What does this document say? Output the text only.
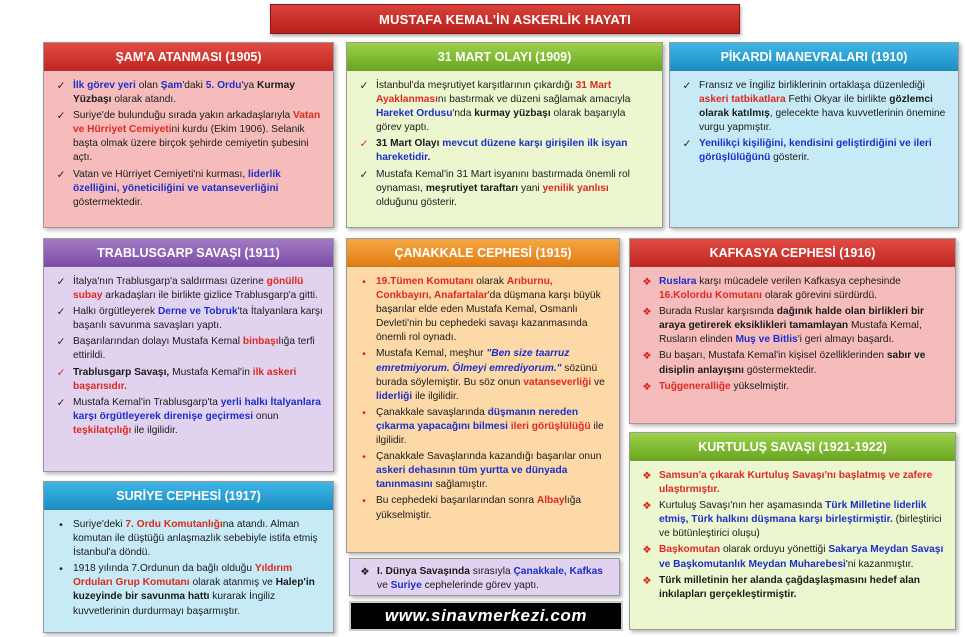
MUSTAFA KEMAL'İN ASKERLİK HAYATI
ŞAM'A ATANMASI (1905)
✓ İlk görev yeri olan Şam'daki 5. Ordu'ya Kurmay Yüzbaşı olarak atandı.
✓ Suriye'de bulunduğu sırada yakın arkadaşlarıyla Vatan ve Hürriyet Cemiyetini kurdu (Ekim 1906). Selanik başta olmak üzere birçok şehirde cemiyetin şubesini açtı.
✓ Vatan ve Hürriyet Cemiyeti'ni kurması, liderlik özelliğini, yöneticiliğini ve vatanseverliğini göstermektedir.
31 MART OLAYI (1909)
✓ İstanbul'da meşrutiyet karşıtlarının çıkardığı 31 Mart Ayaklanmasını bastırmak ve düzeni sağlamak amacıyla Hareket Ordusu'nda kurmay yüzbaşı olarak başarıyla görev yaptı.
✓ 31 Mart Olayı mevcut düzene karşı girişilen ilk isyan hareketidir.
✓ Mustafa Kemal'in 31 Mart isyanını bastırmada önemli rol oynaması, meşrutiyet taraftarı yani yenilik yanlısı olduğunu gösterir.
PİKARDİ MANEVRALARI (1910)
✓ Fransız ve İngiliz birliklerinin ortaklaşa düzenlediği askeri tatbikatlara Fethi Okyar ile birlikte gözlemci olarak katılmış, gelecekte hava kuvvetlerinin önemine vurgu yapmıştır.
✓ Yenilikçi kişiliğini, kendisini geliştirdiğini ve ileri görüşlülüğünü gösterir.
TRABLUSGARP SAVAŞI (1911)
✓ İtalya'nın Trablusgarp'a saldırması üzerine gönüllü subay arkadaşları ile birlikte gizlice Trablusgarp'a gitti.
✓ Halkı örgütleyerek Derne ve Tobruk'ta İtalyanlara karşı başarılı savunma savaşları yaptı.
✓ Başarılarından dolayı Mustafa Kemal binbaşılığa terfi ettirildi.
✓ Trablusgarp Savaşı, Mustafa Kemal'in ilk askeri başarısıdır.
✓ Mustafa Kemal'in Trablusgarp'ta yerli halkı İtalyanlara karşı örgütleyerek direnişe geçirmesi onun teşkilatçılığı ile ilgilidir.
ÇANAKKALE CEPHESİ (1915)
• 19.Tümen Komutanı olarak Arıburnu, Conkbayırı, Anafartalar'da düşmana karşı büyük başarılar elde eden Mustafa Kemal, Osmanlı Devleti'nin bu cephedeki savaşı kazanmasında önemli rol oynadı.
• Mustafa Kemal, meşhur "Ben size taarruz emretmiyorum. Ölmeyi emrediyorum." sözünü burada söylemiştir. Bu söz onun vatanseverliği ve liderliği ile ilgilidir.
• Çanakkale savaşlarında düşmanın nereden çıkarma yapacağını bilmesi ileri görüşlülüğü ile ilgilidir.
• Çanakkale Savaşlarında kazandığı başarılar onun askeri dehasının tüm yurtta ve dünyada tanınmasını sağlamıştır.
• Bu cephedeki başarılarından sonra Albaylığa yükselmiştir.
KAFKASYA CEPHESİ (1916)
❖ Ruslara karşı mücadele verilen Kafkasya cephesinde 16.Kolordu Komutanı olarak görevini sürdürdü.
❖ Burada Ruslar karşısında dağınık halde olan birlikleri bir araya getirerek eksiklikleri tamamlayan Mustafa Kemal, Rusların elinden Muş ve Bitlis'i geri almayı başardı.
❖ Bu başarı, Mustafa Kemal'in kişisel özelliklerinden sabır ve disiplin anlayışını göstermektedir.
❖ Tuğgeneralliğe yükselmiştir.
SURİYE CEPHESİ (1917)
• Suriye'deki 7. Ordu Komutanlığına atandı. Alman komutan ile düştüğü anlaşmazlık sebebiyle istifa etmiş İstanbul'a döndü.
• 1918 yılında 7.Ordunun da bağlı olduğu Yıldırım Orduları Grup Komutanı olarak atanmış ve Halep'in kuzeyinde bir savunma hattı kurarak İngiliz kuvvetlerinin durdurmayı başarmıştır.
❖ I. Dünya Savaşında sırasıyla Çanakkale, Kafkas ve Suriye cephelerinde görev yaptı.
www.sinavmerkezi.com
KURTULUŞ SAVAŞI (1921-1922)
❖ Samsun'a çıkarak Kurtuluş Savaşı'nı başlatmış ve zafere ulaştırmıştır.
❖ Kurtuluş Savaşı'nın her aşamasında Türk Milletine liderlik etmiş, Türk halkını düşmana karşı birleştirmiştir. (birleştirici ve bütünleştirici oluşu)
❖ Başkomutan olarak orduyu yönettiği Sakarya Meydan Savaşı ve Başkomutanlık Meydan Muharebesi'ni kazanmıştır.
❖ Türk milletinin her alanda çağdaşlaşmasını hedef alan inkılapları gerçekleştirmiştir.
